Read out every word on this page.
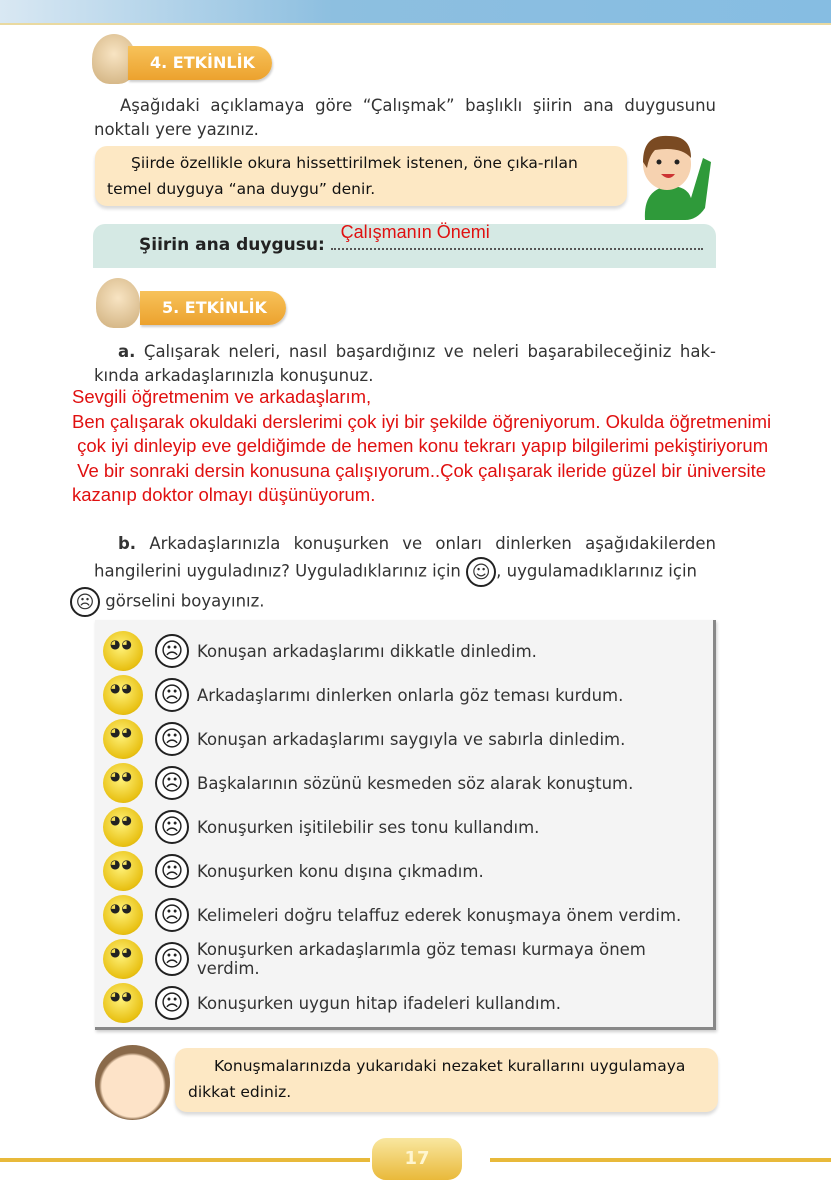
4. ETKİNLİK
Aşağıdaki açıklamaya göre “Çalışmak” başlıklı şiirin ana duygusunu noktalı yere yazınız.
Şiirde özellikle okura hissettirilmek istenen, öne çıka-rılan temel duyguya “ana duygu” denir.
Şiirin ana duygusu:
Çalışmanın Önemi
5. ETKİNLİK
a. Çalışarak neleri, nasıl başardığınız ve neleri başarabileceğiniz hak-kında arkadaşlarınızla konuşunuz.
Sevgili öğretmenim ve arkadaşlarım,
Ben çalışarak okuldaki derslerimi çok iyi bir şekilde öğreniyorum. Okulda öğretmenimi
çok iyi dinleyip eve geldiğimde de hemen konu tekrarı yapıp bilgilerimi pekiştiriyorum
Ve bir sonraki dersin konusuna çalışıyorum..Çok çalışarak ileride güzel bir üniversite
kazanıp doktor olmayı düşünüyorum.
b. Arkadaşlarınızla konuşurken ve onları dinlerken aşağıdakilerden hangilerini uyguladınız? Uyguladıklarınız için ☺ , uygulamadıklarınız için
☹ görselini boyayınız.
◕◕
☹ Konuşan arkadaşlarımı dikkatle dinledim.
◕◕
☹ Arkadaşlarımı dinlerken onlarla göz teması kurdum.
◕◕
☹ Konuşan arkadaşlarımı saygıyla ve sabırla dinledim.
◕◕
☹ Başkalarının sözünü kesmeden söz alarak konuştum.
◕◕
☹ Konuşurken işitilebilir ses tonu kullandım.
◕◕
☹ Konuşurken konu dışına çıkmadım.
◕◕
☹ Kelimeleri doğru telaffuz ederek konuşmaya önem verdim.
◕◕
☹ Konuşurken arkadaşlarımla göz teması kurmaya önem verdim.
◕◕
☹ Konuşurken uygun hitap ifadeleri kullandım.
Konuşmalarınızda yukarıdaki nezaket kurallarını uygulamaya dikkat ediniz.
17
